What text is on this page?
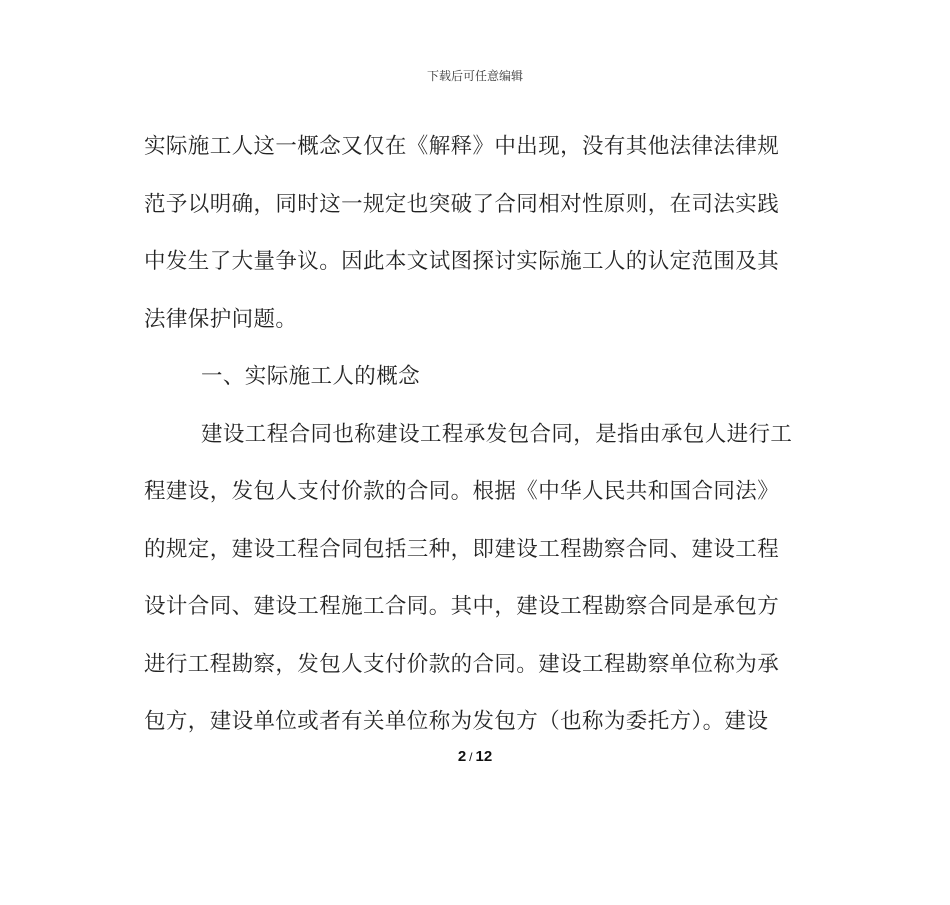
下载后可任意编辑
实际施工人这一概念又仅在《解释》中出现，没有其他法律法律规
范予以明确，同时这一规定也突破了合同相对性原则，在司法实践
中发生了大量争议。因此本文试图探讨实际施工人的认定范围及其
法律保护问题。
一、实际施工人的概念
建设工程合同也称建设工程承发包合同，是指由承包人进行工
程建设，发包人支付价款的合同。根据《中华人民共和国合同法》
的规定，建设工程合同包括三种，即建设工程勘察合同、建设工程
设计合同、建设工程施工合同。其中，建设工程勘察合同是承包方
进行工程勘察，发包人支付价款的合同。建设工程勘察单位称为承
包方，建设单位或者有关单位称为发包方（也称为委托方）。建设
2 / 12
